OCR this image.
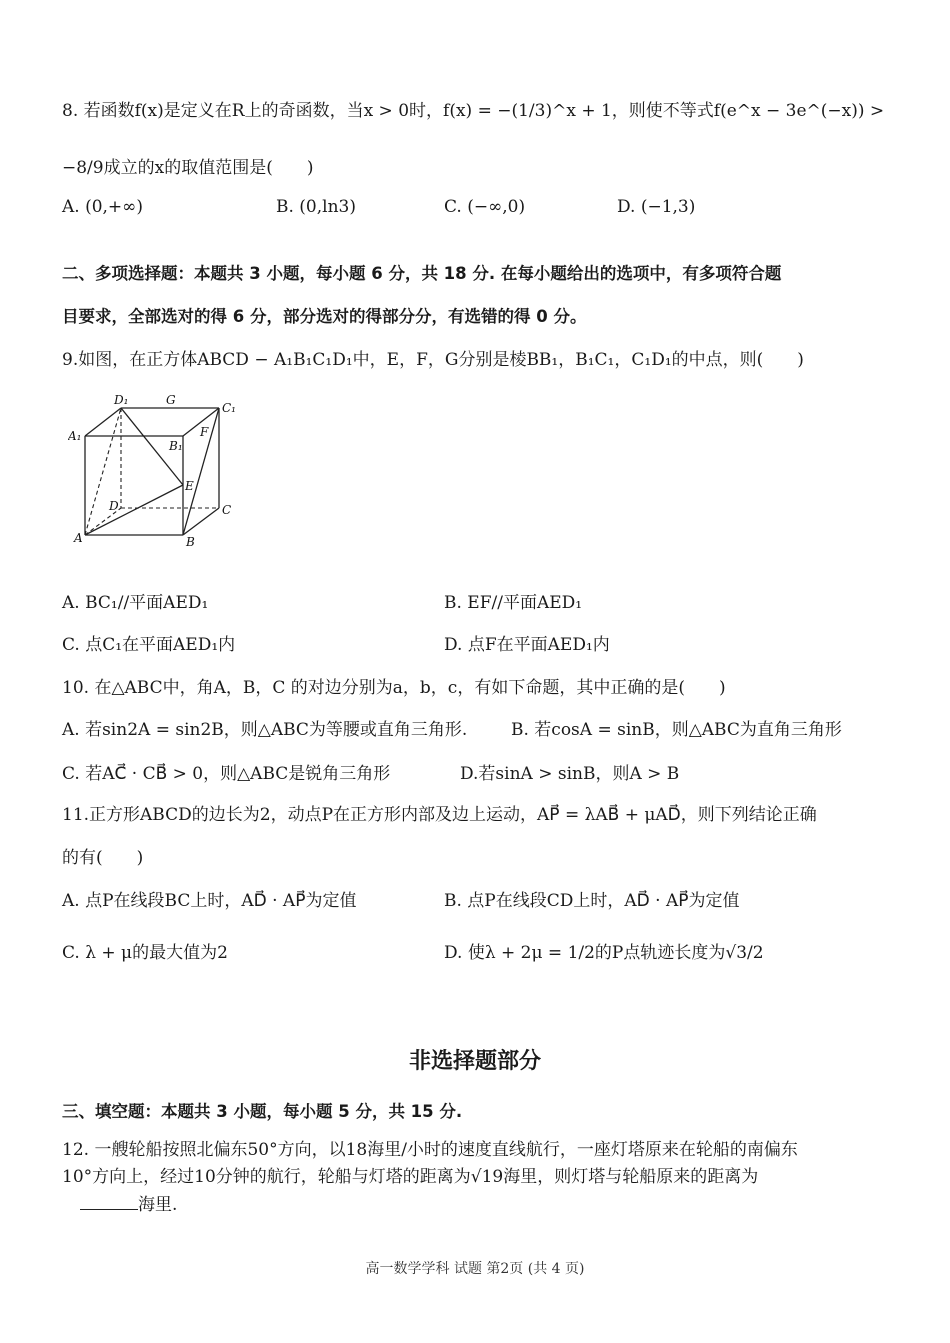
8. 若函数f(x)是定义在R上的奇函数，当x > 0时，f(x) = −(1/3)^x + 1，则使不等式f(e^x − 3e^(−x)) >
−8/9成立的x的取值范围是(　　)
A. (0,+∞)	B. (0,ln3)	C. (−∞,0)	D. (−1,3)
二、多项选择题：本题共 3 小题，每小题 6 分，共 18 分. 在每小题给出的选项中，有多项符合题
目要求，全部选对的得 6 分，部分选对的得部分分，有选错的得 0 分。
9.如图，在正方体ABCD − A₁B₁C₁D₁中，E，F，G分别是棱BB₁，B₁C₁，C₁D₁的中点，则(　　)
D₁	G
C₁
A₁
B₁
F
E
D	C
A	B
A. BC₁//平面AED₁	B. EF//平面AED₁
C. 点C₁在平面AED₁内	D. 点F在平面AED₁内
10. 在△ABC中，角A，B，C 的对边分别为a，b，c，有如下命题，其中正确的是(　　)
A. 若sin2A = sin2B，则△ABC为等腰或直角三角形.	B. 若cosA = sinB，则△ABC为直角三角形
C. 若AC⃗ · CB⃗ > 0，则△ABC是锐角三角形	D.若sinA > sinB，则A > B
11.正方形ABCD的边长为2，动点P在正方形内部及边上运动，AP⃗ = λAB⃗ + μAD⃗，则下列结论正确
的有(　　)
A. 点P在线段BC上时，AD⃗ · AP⃗为定值	B. 点P在线段CD上时，AD⃗ · AP⃗为定值
C. λ + μ的最大值为2	D. 使λ + 2μ = 1/2的P点轨迹长度为√3/2
非选择题部分
三、填空题：本题共 3 小题，每小题 5 分，共 15 分.
12. 一艘轮船按照北偏东50°方向，以18海里/小时的速度直线航行，一座灯塔原来在轮船的南偏东
10°方向上，经过10分钟的航行，轮船与灯塔的距离为√19海里，则灯塔与轮船原来的距离为
海里.
高一数学学科 试题 第2页 (共 4 页)
